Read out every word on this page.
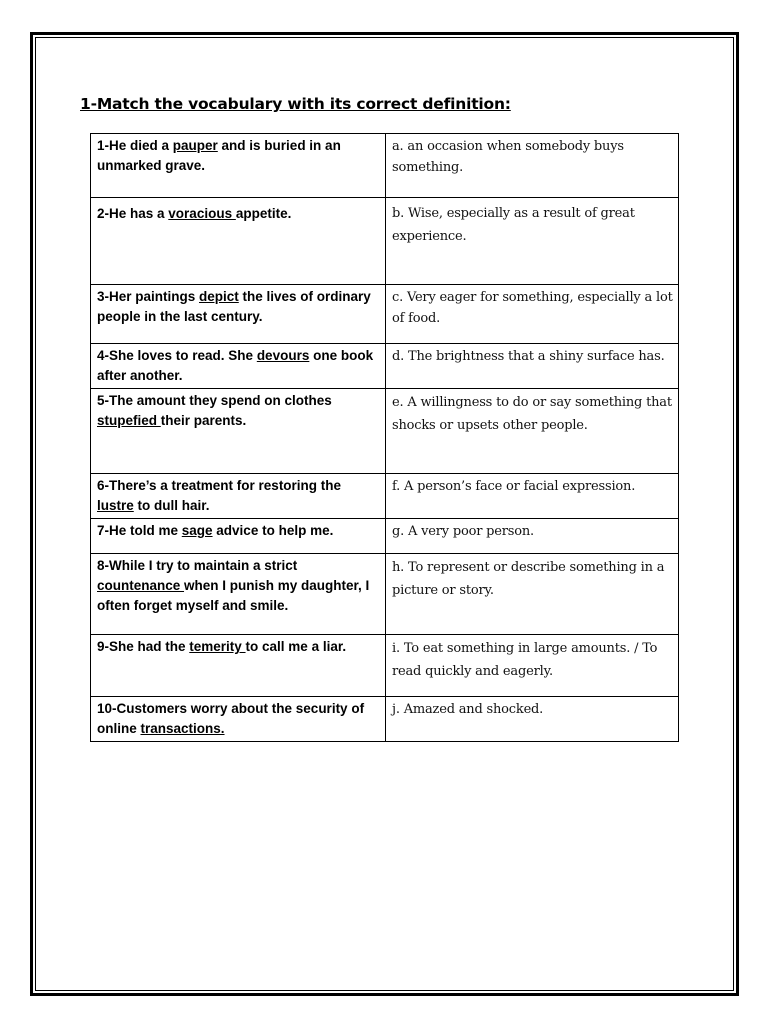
1-Match the vocabulary with its correct definition:
1-He died a pauper and is buried in an unmarked grave.	a. an occasion when somebody buys something.
2-He has a voracious appetite.	b. Wise, especially as a result of great experience.
3-Her paintings depict the lives of ordinary people in the last century.	c. Very eager for something, especially a lot of food.
4-She loves to read. She devours one book after another.	d. The brightness that a shiny surface has.
5-The amount they spend on clothes stupefied their parents.	e. A willingness to do or say something that shocks or upsets other people.
6-There’s a treatment for restoring the lustre to dull hair.	f. A person’s face or facial expression.
7-He told me sage advice to help me.	g. A very poor person.
8-While I try to maintain a strict countenance when I punish my daughter, I often forget myself and smile.	h. To represent or describe something in a picture or story.
9-She had the temerity to call me a liar.	i. To eat something in large amounts. / To read quickly and eagerly.
10-Customers worry about the security of online transactions.	j. Amazed and shocked.
